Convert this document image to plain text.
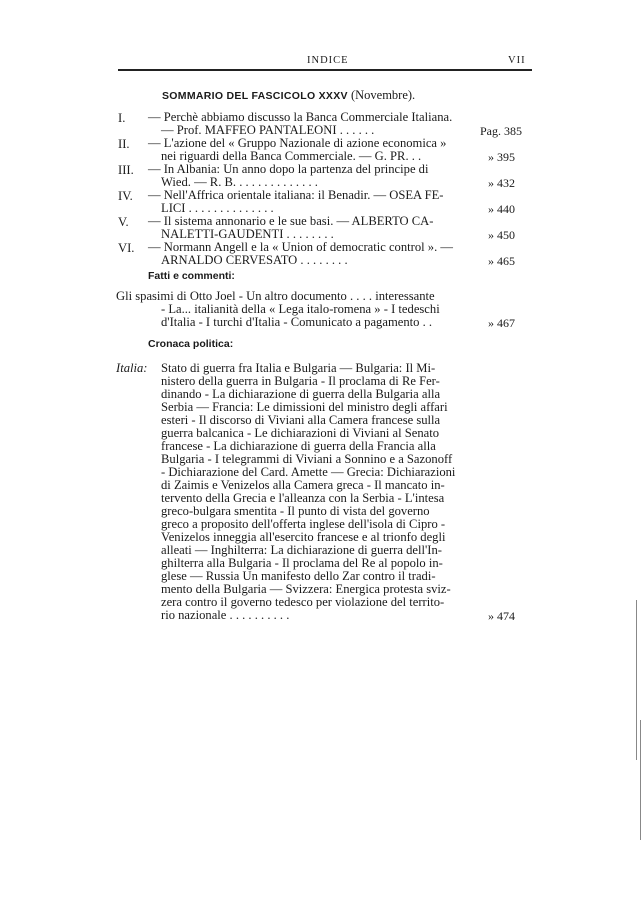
INDICE	VII
SOMMARIO DEL FASCICOLO XXXV (Novembre).
I. — Perchè abbiamo discusso la Banca Commerciale Italiana.
— Prof. MAFFEO PANTALEONI . . . . . .	Pag. 385
II. — L'azione del « Gruppo Nazionale di azione economica »
nei riguardi della Banca Commerciale. — G. PR. . .	» 395
III. — In Albania: Un anno dopo la partenza del principe di
Wied. — R. B. . . . . . . . . . . . . .	» 432
IV. — Nell'Affrica orientale italiana: il Benadir. — OSEA FE-
LICI . . . . . . . . . . . . . .	» 440
V. — Il sistema annonario e le sue basi. — ALBERTO CA-
NALETTI-GAUDENTI . . . . . . . .	» 450
VI. — Normann Angell e la « Union of democratic control ». —
ARNALDO CERVESATO . . . . . . . .	» 465
Fatti e commenti:
Gli spasimi di Otto Joel - Un altro documento . . . . interessante
- La... italianità della « Lega italo-romena » - I tedeschi
d'Italia - I turchi d'Italia - Comunicato a pagamento . .	» 467
Cronaca politica:
Italia: Stato di guerra fra Italia e Bulgaria — Bulgaria: Il Mi-
nistero della guerra in Bulgaria - Il proclama di Re Fer-
dinando - La dichiarazione di guerra della Bulgaria alla
Serbia — Francia: Le dimissioni del ministro degli affari
esteri - Il discorso di Viviani alla Camera francese sulla
guerra balcanica - Le dichiarazioni di Viviani al Senato
francese - La dichiarazione di guerra della Francia alla
Bulgaria - I telegrammi di Viviani a Sonnino e a Sazonoff
- Dichiarazione del Card. Amette — Grecia: Dichiarazioni
di Zaimis e Venizelos alla Camera greca - Il mancato in-
tervento della Grecia e l'alleanza con la Serbia - L'intesa
greco-bulgara smentita - Il punto di vista del governo
greco a proposito dell'offerta inglese dell'isola di Cipro -
Venizelos inneggia all'esercito francese e al trionfo degli
alleati — Inghilterra: La dichiarazione di guerra dell'In-
ghilterra alla Bulgaria - Il proclama del Re al popolo in-
glese — Russia Un manifesto dello Zar contro il tradi-
mento della Bulgaria — Svizzera: Energica protesta sviz-
zera contro il governo tedesco per violazione del territo-
rio nazionale . . . . . . . . . .	» 474
